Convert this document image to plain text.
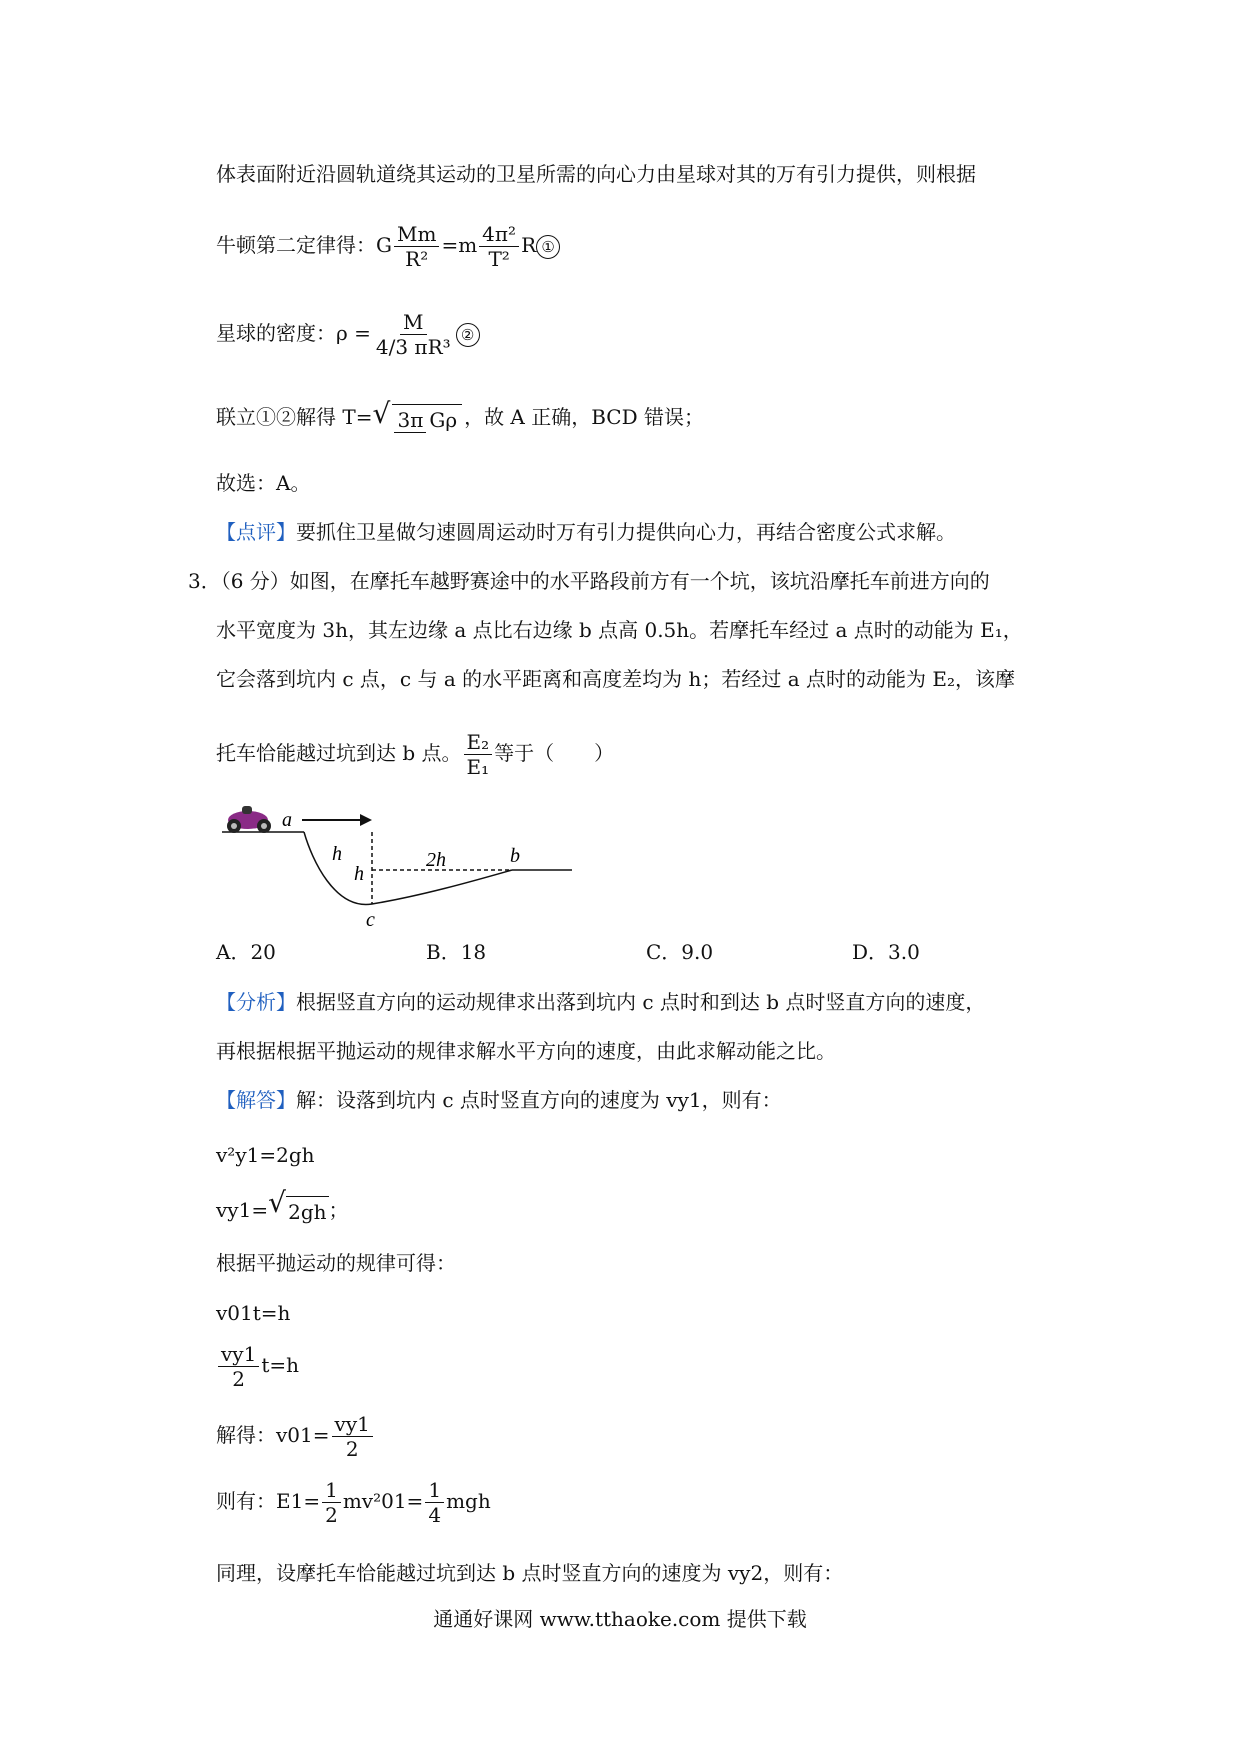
体表面附近沿圆轨道绕其运动的卫星所需的向心力由星球对其的万有引力提供，则根据
牛顿第二定律得：G $\frac{Mm}{\text{R²}} =m \frac{\text{4π²}}{\text{T²}}$ R ①
星球的密度：$\rho = \frac{M}{\text{4/3 πR³}}$ ②
联立①②解得 T= √ 3π Gρ ，故 A 正确，BCD 错误；
故选：A。
【点评】要抓住卫星做匀速圆周运动时万有引力提供向心力，再结合密度公式求解。
3．（6 分）如图，在摩托车越野赛途中的水平路段前方有一个坑，该坑沿摩托车前进方向的
水平宽度为 3h，其左边缘 a 点比右边缘 b 点高 0.5h。若摩托车经过 a 点时的动能为 E₁，
它会落到坑内 c 点，c 与 a 的水平距离和高度差均为 h；若经过 a 点时的动能为 E₂，该摩
托车恰能越过坑到达 b 点。 $\frac{\text{E₂}}{\text{E₁}}$ 等于（　　）
a
h
h
2h	b
c
A．20	B．18	C．9.0	D．3.0
【分析】根据竖直方向的运动规律求出落到坑内 c 点时和到达 b 点时竖直方向的速度，
再根据根据平抛运动的规律求解水平方向的速度，由此求解动能之比。
【解答】解：设落到坑内 c 点时竖直方向的速度为 vy1，则有：
v²y1=2gh
vy1= √ 2gh ；
根据平抛运动的规律可得：
v01t=h
$\frac{vy1}{2} t=h$
解得：$v01= \frac{vy1}{2}$
则有：$E1= \frac{1}{2} mv^201= \frac{1}{4}$ mgh
同理，设摩托车恰能越过坑到达 b 点时竖直方向的速度为 vy2，则有：
通通好课网 www.tthaoke.com 提供下载
